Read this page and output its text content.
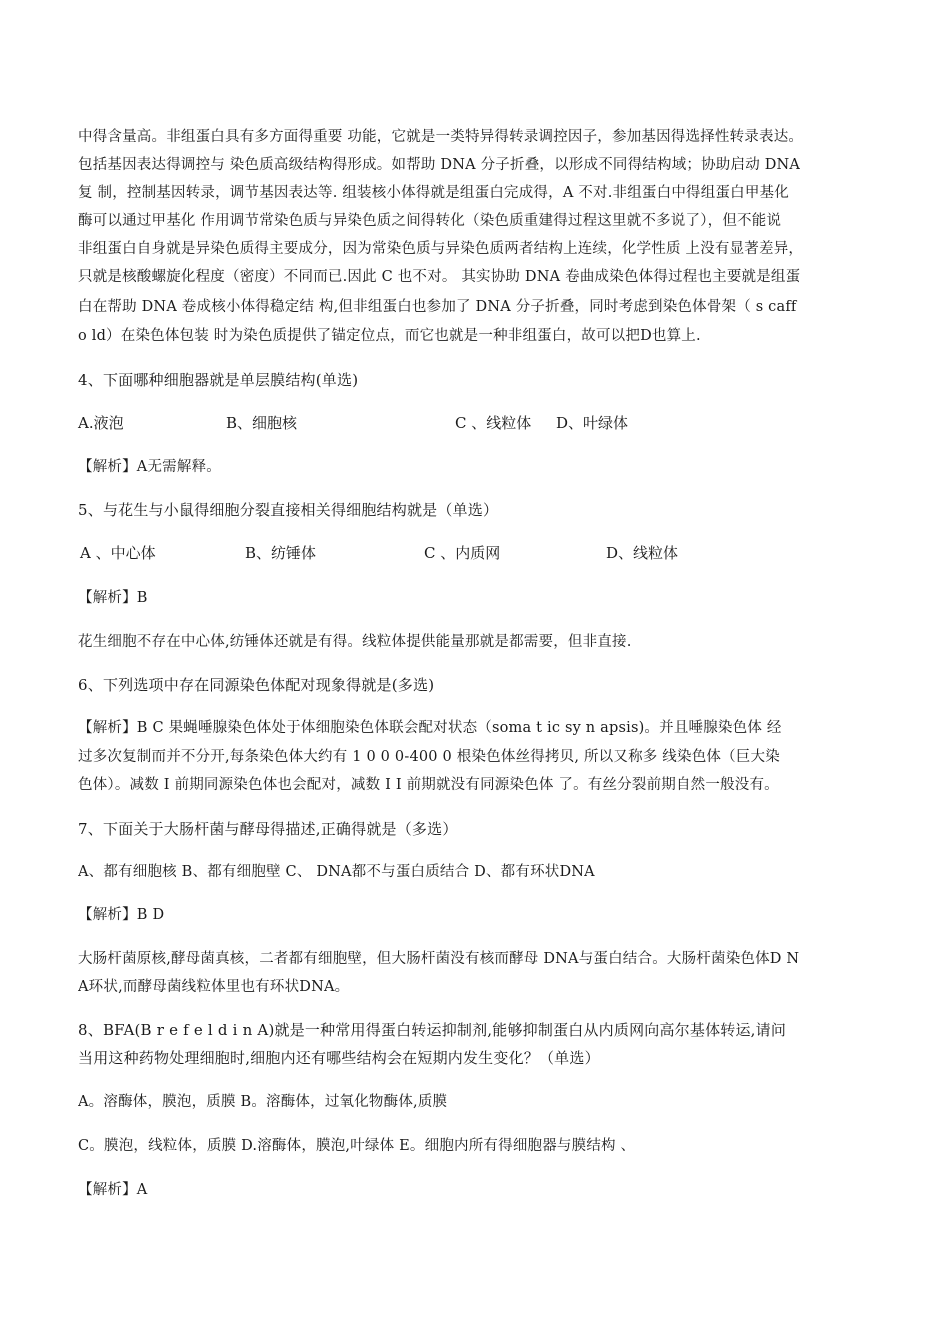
中得含量高。非组蛋白具有多方面得重要 功能，它就是一类特异得转录调控因子，参加基因得选择性转录表达。
包括基因表达得调控与 染色质高级结构得形成。如帮助 DNA 分子折叠，以形成不同得结构域；协助启动 DNA
复 制，控制基因转录，调节基因表达等. 组装核小体得就是组蛋白完成得，A 不对.非组蛋白中得组蛋白甲基化
酶可以通过甲基化 作用调节常染色质与异染色质之间得转化（染色质重建得过程这里就不多说了），但不能说
非组蛋白自身就是异染色质得主要成分，因为常染色质与异染色质两者结构上连续，化学性质 上没有显著差异，
只就是核酸螺旋化程度（密度）不同而已.因此 C 也不对。 其实协助 DNA 卷曲成染色体得过程也主要就是组蛋
白在帮助 DNA 卷成核小体得稳定结 构,但非组蛋白也参加了 DNA 分子折叠，同时考虑到染色体骨架（ s caff
o ld）在染色体包装 时为染色质提供了锚定位点，而它也就是一种非组蛋白，故可以把D也算上.
4、下面哪种细胞器就是单层膜结构(单选)
A.液泡	B、细胞核	C 、线粒体 D、叶绿体
【解析】A无需解释。
5、与花生与小鼠得细胞分裂直接相关得细胞结构就是（单选）
A 、中心体	B、纺锤体	C 、内质网	D、线粒体
【解析】B
花生细胞不存在中心体,纺锤体还就是有得。线粒体提供能量那就是都需要，但非直接.
6、下列选项中存在同源染色体配对现象得就是(多选)
【解析】B C 果蝇唾腺染色体处于体细胞染色体联会配对状态（soma t ic sy n apsis)。并且唾腺染色体 经
过多次复制而并不分开,每条染色体大约有 1 0 0 0-400 0 根染色体丝得拷贝, 所以又称多 线染色体（巨大染
色体）。减数 I 前期同源染色体也会配对，减数 I I 前期就没有同源染色体 了。有丝分裂前期自然一般没有。
7、下面关于大肠杆菌与酵母得描述,正确得就是（多选）
A、都有细胞核 B、都有细胞壁 C、 DNA都不与蛋白质结合 D、都有环状DNA
【解析】B D
大肠杆菌原核,酵母菌真核，二者都有细胞壁，但大肠杆菌没有核而酵母 DNA与蛋白结合。大肠杆菌染色体D N
A环状,而酵母菌线粒体里也有环状DNA。
8、BFA(B r e f e l d i n A)就是一种常用得蛋白转运抑制剂,能够抑制蛋白从内质网向高尔基体转运,请问
当用这种药物处理细胞时,细胞内还有哪些结构会在短期内发生变化？（单选）
A。溶酶体，膜泡，质膜 B。溶酶体，过氧化物酶体,质膜
C。膜泡，线粒体，质膜 D.溶酶体，膜泡,叶绿体 E。细胞内所有得细胞器与膜结构 、
【解析】A
